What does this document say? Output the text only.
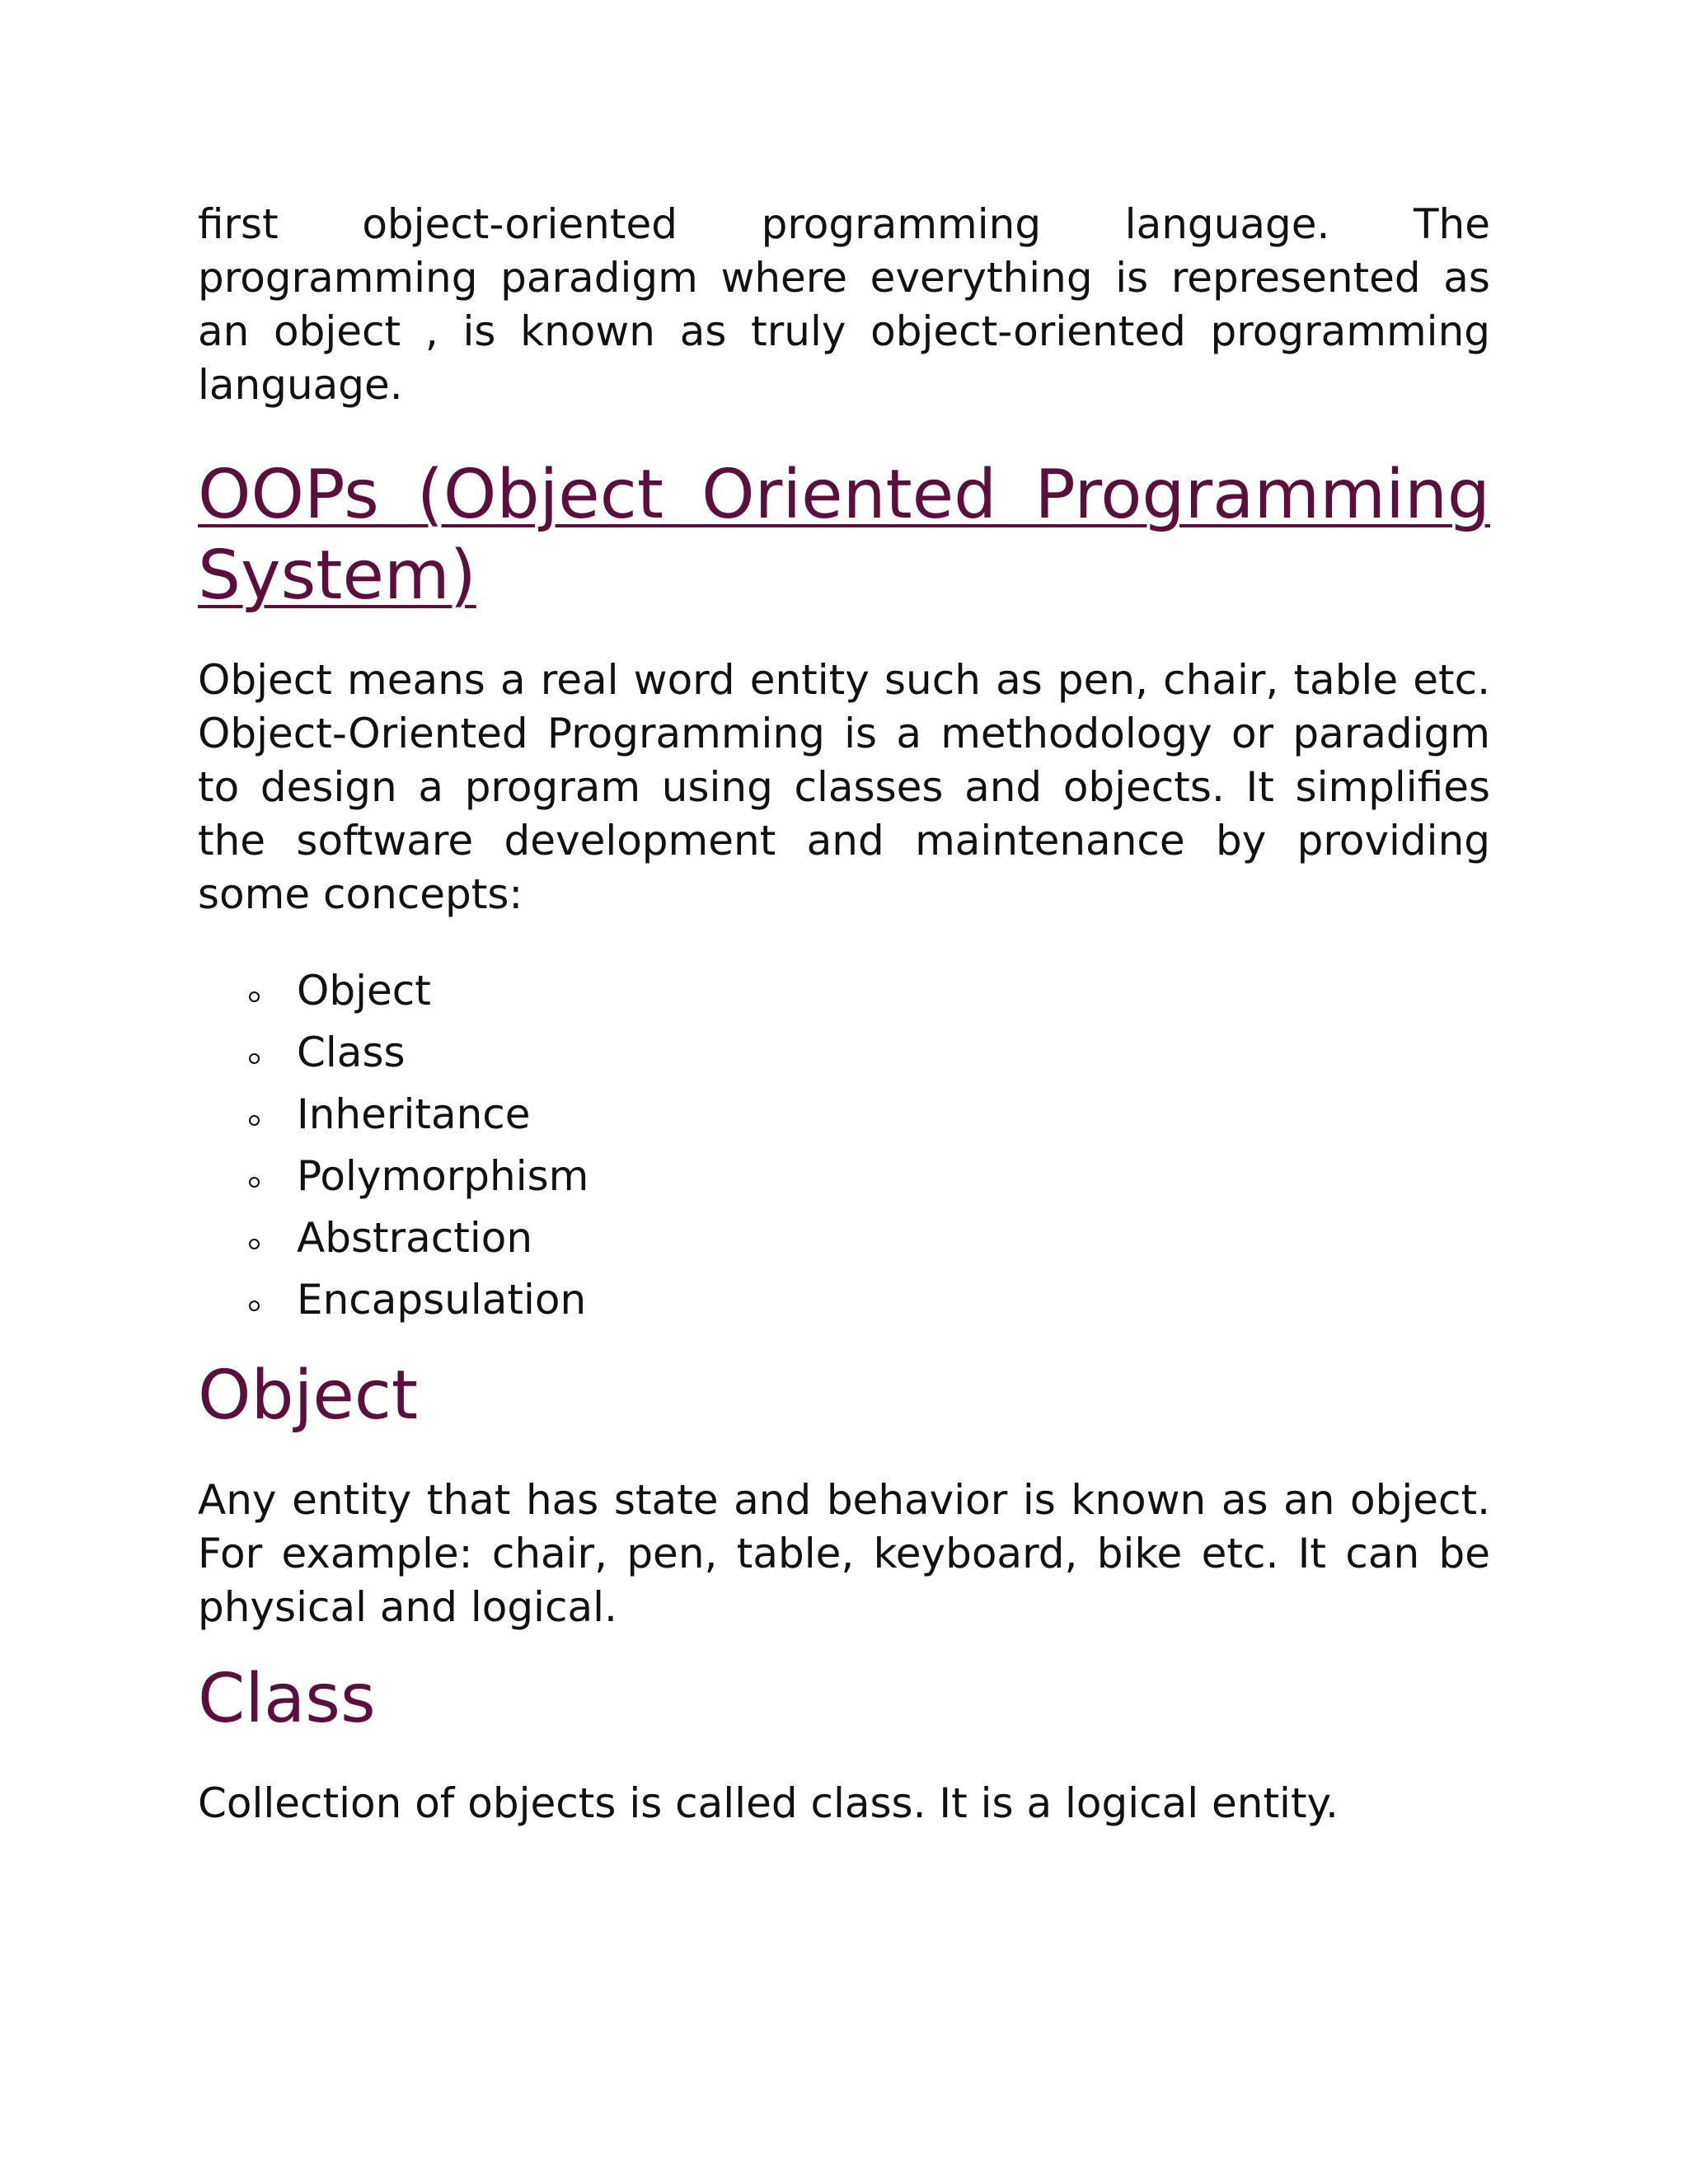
first object-oriented programming language. The programming paradigm where everything is represented as an object , is known as truly object-oriented programming language.

OOPs (Object Oriented Programming System)

Object means a real word entity such as pen, chair, table etc. Object-Oriented Programming is a methodology or paradigm to design a program using classes and objects. It simplifies the software development and maintenance by providing some concepts:

Object
Class
Inheritance
Polymorphism
Abstraction
Encapsulation
Object

Any entity that has state and behavior is known as an object. For example: chair, pen, table, keyboard, bike etc. It can be physical and logical.

Class

Collection of objects is called class. It is a logical entity.
